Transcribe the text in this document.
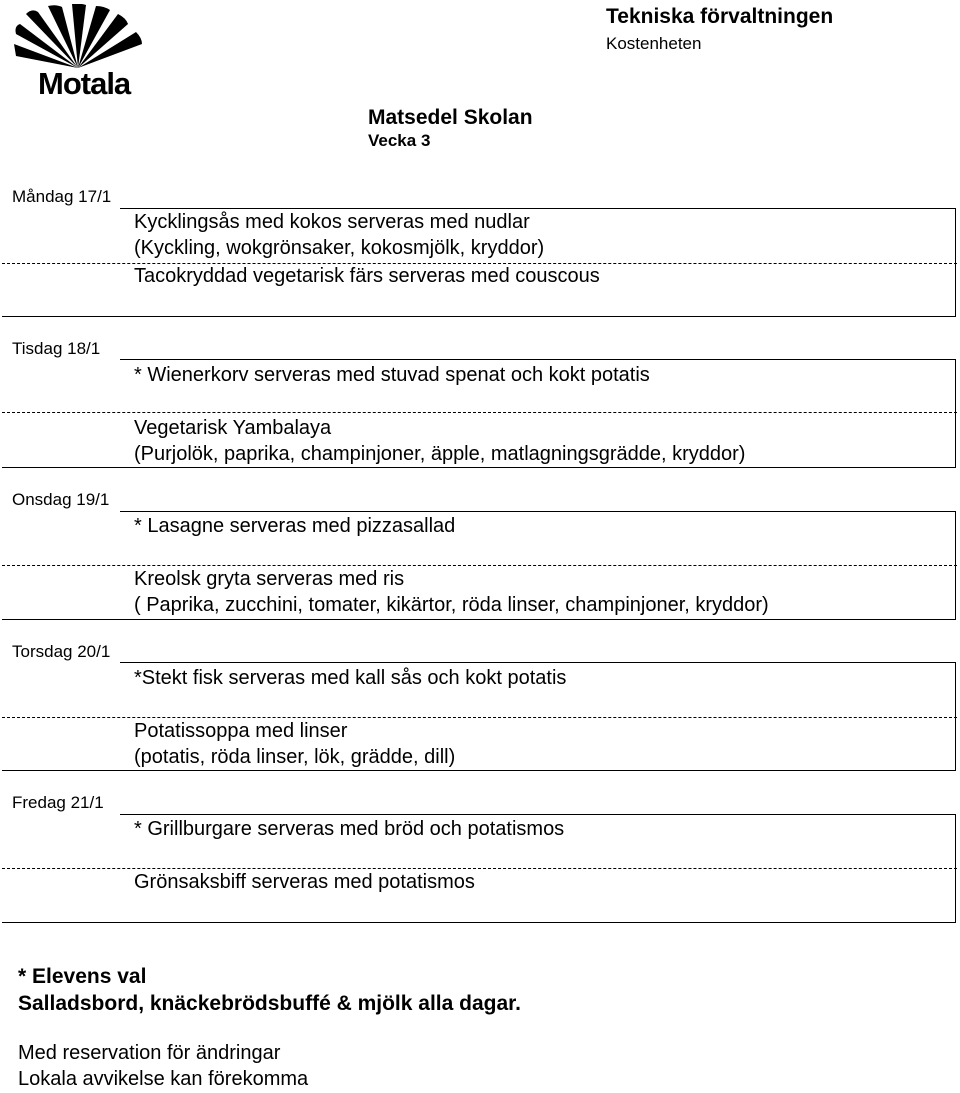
Motala
Tekniska förvaltningen
Kostenheten
Matsedel Skolan
Vecka 3
Måndag 17/1
Kycklingsås med kokos serveras med nudlar
(Kyckling, wokgrönsaker, kokosmjölk, kryddor)
Tacokryddad vegetarisk färs serveras med couscous
Tisdag 18/1
* Wienerkorv serveras med stuvad spenat och kokt potatis
Vegetarisk Yambalaya
(Purjolök, paprika, champinjoner, äpple, matlagningsgrädde, kryddor)
Onsdag 19/1
* Lasagne serveras med pizzasallad
Kreolsk gryta serveras med ris
( Paprika, zucchini, tomater, kikärtor, röda linser, champinjoner, kryddor)
Torsdag 20/1
*Stekt fisk serveras med kall sås och kokt potatis
Potatissoppa med linser
(potatis, röda linser, lök, grädde, dill)
Fredag 21/1
* Grillburgare serveras med bröd och potatismos
Grönsaksbiff serveras med potatismos
* Elevens val
Salladsbord, knäckebrödsbuffé & mjölk alla dagar.
Med reservation för ändringar
Lokala avvikelse kan förekomma
